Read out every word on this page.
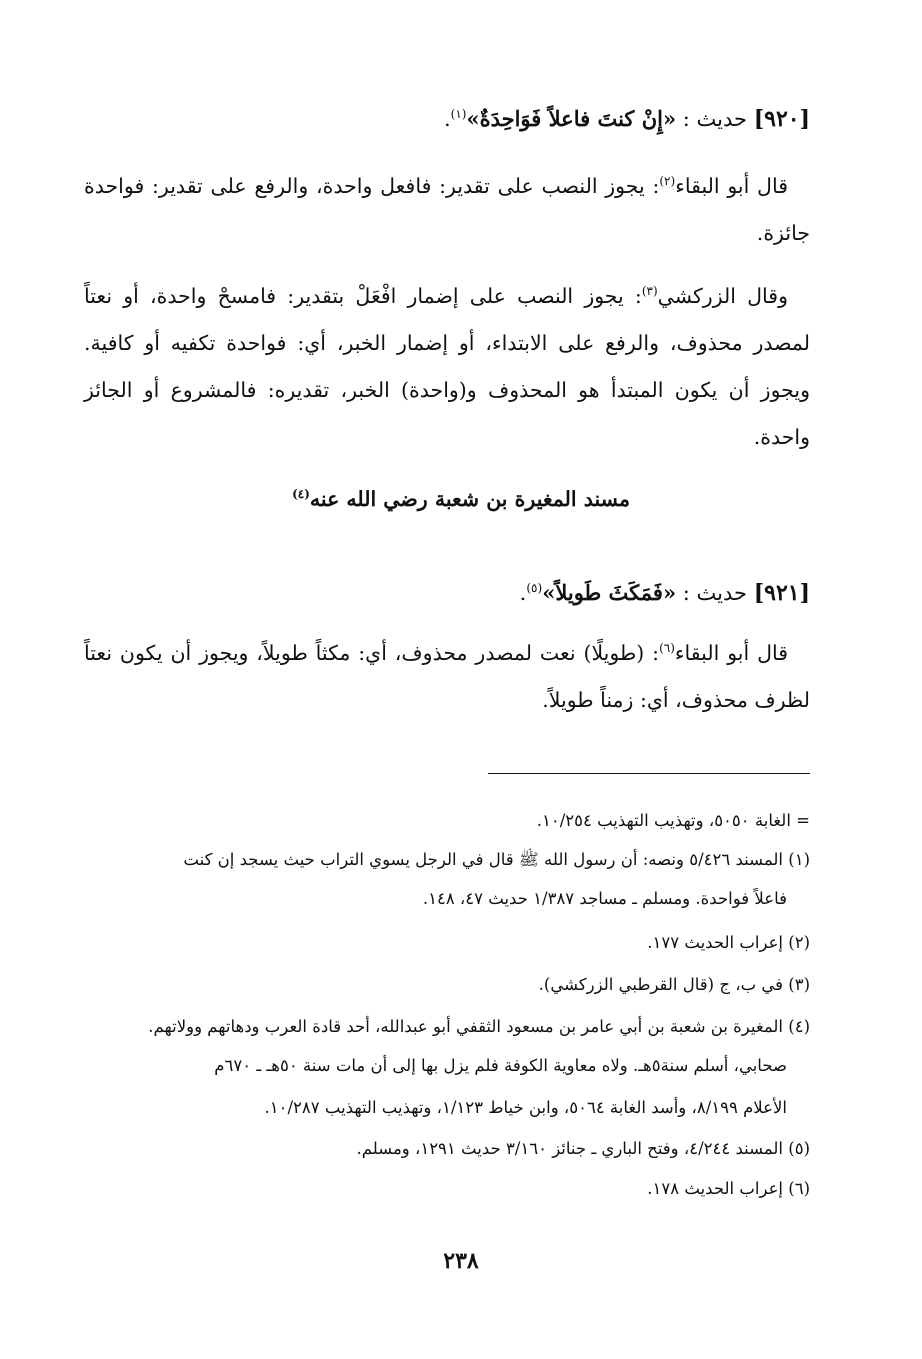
[٩٢٠] حديث : «إِنْ كنتَ فاعلاً فَوَاحِدَةٌ»$^{(١)}$.
قال أبو البقاء$^{(٢)}$: يجوز النصب على تقدير: فافعل واحدة، والرفع على تقدير: فواحدة جائزة.
وقال الزركشي$^{(٣)}$: يجوز النصب على إضمار افْعَلْ بتقدير: فامسحْ واحدة، أو نعتاً لمصدر محذوف، والرفع على الابتداء، أو إضمار الخبر، أي: فواحدة تكفيه أو كافية. ويجوز أن يكون المبتدأ هو المحذوف و(واحدة) الخبر، تقديره: فالمشروع أو الجائز واحدة.
مسند المغيرة بن شعبة رضي الله عنه$^{(٤)}$
[٩٢١] حديث : «فَمَكَثَ طَويلاً»$^{(٥)}$.
قال أبو البقاء$^{(٦)}$: (طويلًا) نعت لمصدر محذوف، أي: مكثاً طويلاً، ويجوز أن يكون نعتاً لظرف محذوف، أي: زمناً طويلاً.
= الغابة ٥٠٥٠، وتهذيب التهذيب ١٠/٢٥٤.
(١) المسند ٥/٤٢٦ ونصه: أن رسول الله ﷺ قال في الرجل يسوي التراب حيث يسجد إن كنت
فاعلاً فواحدة. ومسلم ـ مساجد ١/٣٨٧ حديث ٤٧، ١٤٨.
(٢) إعراب الحديث ١٧٧.
(٣) في ب، ج (قال القرطبي الزركشي).
(٤) المغيرة بن شعبة بن أبي عامر بن مسعود الثقفي أبو عبدالله، أحد قادة العرب ودهاتهم وولاتهم.
صحابي، أسلم سنة٥هـ. ولاه معاوية الكوفة فلم يزل بها إلى أن مات سنة ٥٠هـ ـ ٦٧٠م
الأعلام ٨/١٩٩، وأسد الغابة ٥٠٦٤، وابن خياط ١/١٢٣، وتهذيب التهذيب ١٠/٢٨٧.
(٥) المسند ٤/٢٤٤، وفتح الباري ـ جنائز ٣/١٦٠ حديث ١٢٩١، ومسلم.
(٦) إعراب الحديث ١٧٨.
٢٣٨
